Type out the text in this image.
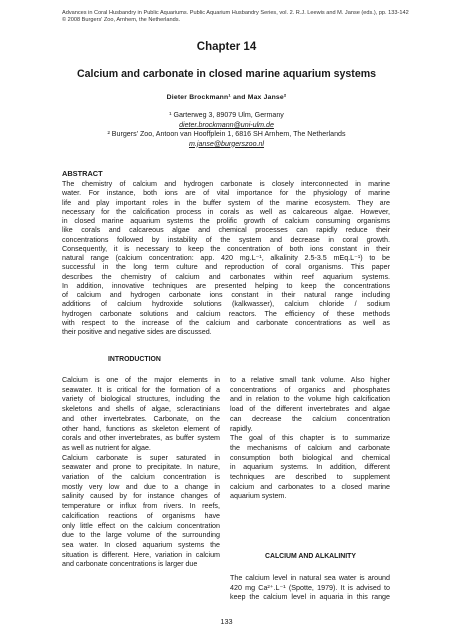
Advances in Coral Husbandry in Public Aquariums. Public Aquarium Husbandry Series, vol. 2. R.J. Leewis and M. Janse (eds.), pp. 133-142
© 2008 Burgers' Zoo, Arnhem, the Netherlands.
Chapter 14
Calcium and carbonate in closed marine aquarium systems
Dieter Brockmann¹ and Max Janse²
¹ Garterweg 3, 89079 Ulm, Germany
dieter.brockmann@uni-ulm.de
² Burgers' Zoo, Antoon van Hooffplein 1, 6816 SH Arnhem, The Netherlands
m.janse@burgerszoo.nl
ABSTRACT
The chemistry of calcium and hydrogen carbonate is closely interconnected in marine
water. For instance, both ions are of vital importance for the physiology of marine
life and play important roles in the buffer system of the marine ecosystem. They are
necessary for the calcification process in corals as well as calcareous algae. However,
in closed marine aquarium systems the prolific growth of calcium consuming organisms
like corals and calcareous algae and chemical processes can rapidly reduce their
concentrations followed by instability of the system and decrease in coral growth.
Consequently, it is necessary to keep the concentration of both ions constant in their
natural range (calcium concentration: app. 420 mg.L⁻¹, alkalinity 2.5-3.5 mEq.L⁻¹) to be
successful in the long term culture and reproduction of coral organisms. This paper
describes the chemistry of calcium and carbonates within reef aquarium systems.
In addition, innovative techniques are presented helping to keep the concentrations
of calcium and hydrogen carbonate ions constant in their natural range including
additions of calcium hydroxide solutions (kalkwasser), calcium chloride / sodium
hydrogen carbonate solutions and calcium reactors. The efficiency of these methods
with respect to the increase of the calcium and carbonate concentrations as well as
their positive and negative sides are discussed.
INTRODUCTION
Calcium is one of the major elements in
seawater. It is critical for the formation of a
variety of biological structures, including the
skeletons and shells of algae, scleractinians
and other invertebrates. Carbonate, on the
other hand, functions as skeleton element of
corals and other invertebrates, as buffer system
as well as nutrient for algae.
Calcium carbonate is super saturated in
seawater and prone to precipitate. In nature,
variation of the calcium concentration is
mostly very low and due to a change in
salinity caused by for instance changes of
temperature or influx from rivers. In reefs,
calcification reactions of organisms have
only little effect on the calcium concentration
due to the large volume of the surrounding
sea water. In closed aquarium systems the
situation is different. Here, variation in calcium
and carbonate concentrations is larger due
to a relative small tank volume. Also higher
concentrations of organics and phosphates
and in relation to the volume high calcification
load of the different invertebrates and algae
can decrease the calcium concentration
rapidly.
The goal of this chapter is to summarize
the mechanisms of calcium and carbonate
consumption both biological and chemical
in aquarium systems. In addition, different
techniques are described to supplement
calcium and carbonates to a closed marine
aquarium system.
CALCIUM AND ALKALINITY
The calcium level in natural sea water is around
420 mg Ca²⁺.L⁻¹ (Spotte, 1979). It is advised to
keep the calcium level in aquaria in this range
133
